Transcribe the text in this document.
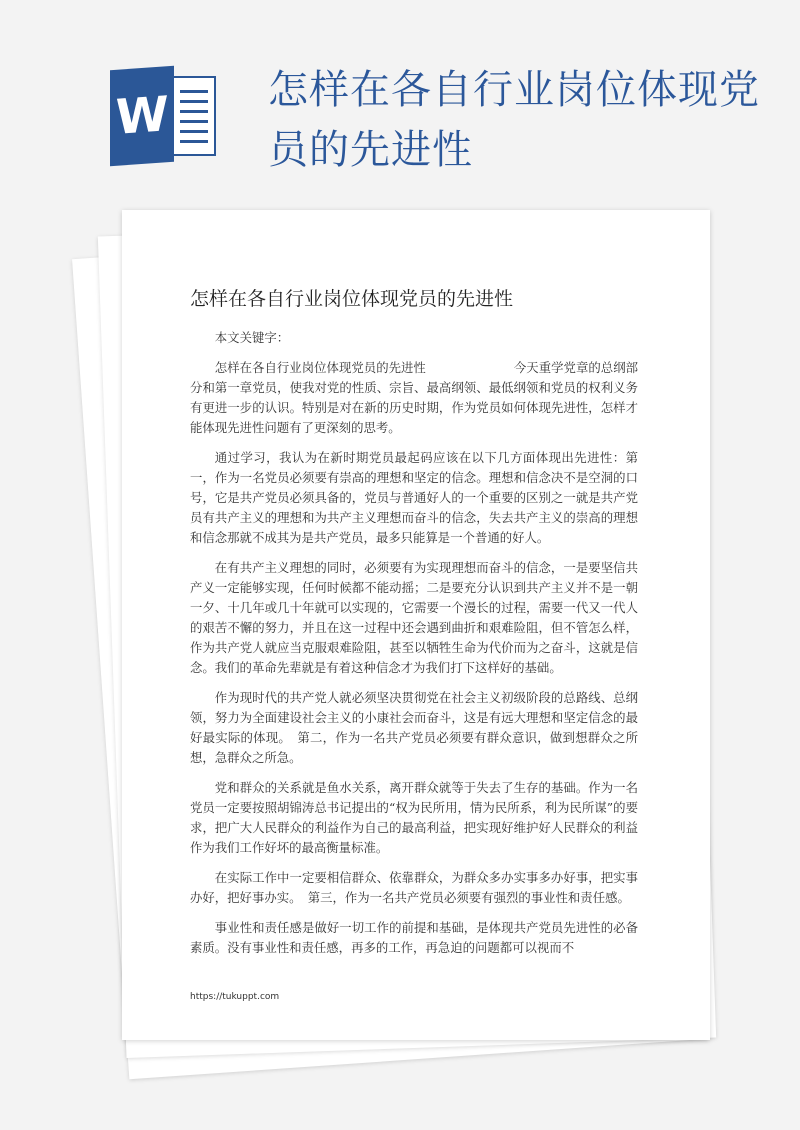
W 怎样在各自行业岗位体现党员的先进性
怎样在各自行业岗位体现党员的先进性

本文关键字：

怎样在各自行业岗位体现党员的先进性	今天重学党章的总纲部分和第一章党员，使我对党的性质、宗旨、最高纲领、最低纲领和党员的权利义务有更进一步的认识。特别是对在新的历史时期，作为党员如何体现先进性，怎样才能体现先进性问题有了更深刻的思考。

通过学习，我认为在新时期党员最起码应该在以下几方面体现出先进性：第一，作为一名党员必须要有崇高的理想和坚定的信念。理想和信念决不是空洞的口号，它是共产党员必须具备的，党员与普通好人的一个重要的区别之一就是共产党员有共产主义的理想和为共产主义理想而奋斗的信念，失去共产主义的崇高的理想和信念那就不成其为是共产党员，最多只能算是一个普通的好人。

在有共产主义理想的同时，必须要有为实现理想而奋斗的信念，一是要坚信共产义一定能够实现，任何时候都不能动摇；二是要充分认识到共产主义并不是一朝一夕、十几年或几十年就可以实现的，它需要一个漫长的过程，需要一代又一代人的艰苦不懈的努力，并且在这一过程中还会遇到曲折和艰难险阻，但不管怎么样，作为共产党人就应当克服艰难险阻，甚至以牺牲生命为代价而为之奋斗，这就是信念。我们的革命先辈就是有着这种信念才为我们打下这样好的基础。

作为现时代的共产党人就必须坚决贯彻党在社会主义初级阶段的总路线、总纲领，努力为全面建设社会主义的小康社会而奋斗，这是有远大理想和坚定信念的最好最实际的体现。　第二，作为一名共产党员必须要有群众意识，做到想群众之所想，急群众之所急。

党和群众的关系就是鱼水关系，离开群众就等于失去了生存的基础。作为一名党员一定要按照胡锦涛总书记提出的“权为民所用，情为民所系，利为民所谋”的要求，把广大人民群众的利益作为自己的最高利益，把实现好维护好人民群众的利益作为我们工作好坏的最高衡量标准。

在实际工作中一定要相信群众、依靠群众，为群众多办实事多办好事，把实事办好，把好事办实。　第三，作为一名共产党员必须要有强烈的事业性和责任感。

事业性和责任感是做好一切工作的前提和基础，是体现共产党员先进性的必备素质。没有事业性和责任感，再多的工作，再急迫的问题都可以视而不

https://tukuppt.com
